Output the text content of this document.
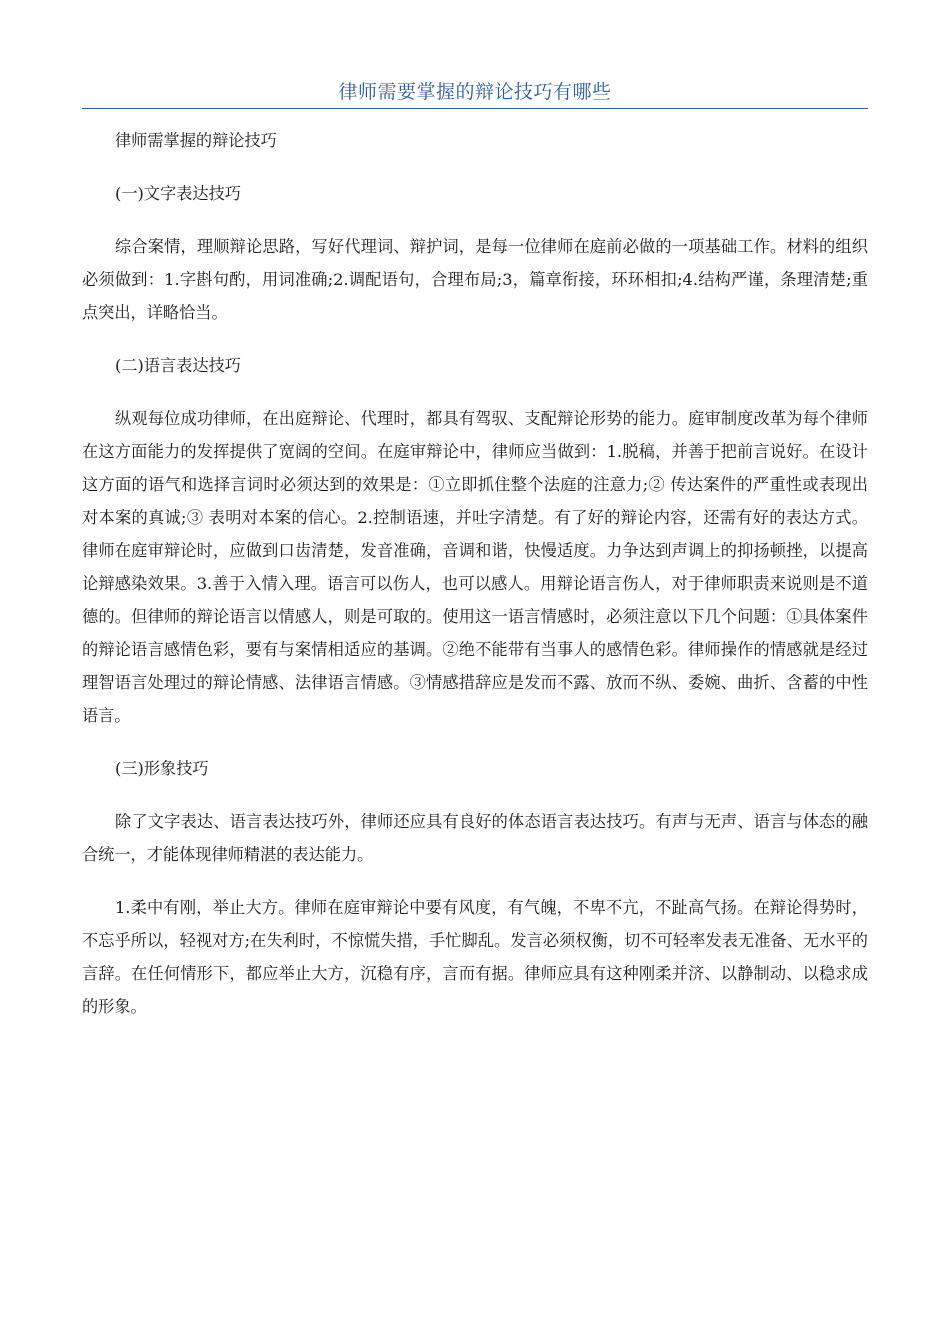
律师需要掌握的辩论技巧有哪些

律师需掌握的辩论技巧

(一)文字表达技巧

综合案情，理顺辩论思路，写好代理词、辩护词，是每一位律师在庭前必做的一项基础工作。材料的组织必须做到：1.字斟句酌，用词准确;2.调配语句，合理布局;3，篇章衔接，环环相扣;4.结构严谨，条理清楚;重点突出，详略恰当。

(二)语言表达技巧

纵观每位成功律师，在出庭辩论、代理时，都具有驾驭、支配辩论形势的能力。庭审制度改革为每个律师在这方面能力的发挥提供了宽阔的空间。在庭审辩论中，律师应当做到：1.脱稿，并善于把前言说好。在设计这方面的语气和选择言词时必须达到的效果是：①立即抓住整个法庭的注意力;② 传达案件的严重性或表现出对本案的真诚;③ 表明对本案的信心。2.控制语速，并吐字清楚。有了好的辩论内容，还需有好的表达方式。律师在庭审辩论时，应做到口齿清楚，发音准确，音调和谐，快慢适度。力争达到声调上的抑扬顿挫，以提高论辩感染效果。3.善于入情入理。语言可以伤人，也可以感人。用辩论语言伤人，对于律师职责来说则是不道德的。但律师的辩论语言以情感人，则是可取的。使用这一语言情感时，必须注意以下几个问题：①具体案件的辩论语言感情色彩，要有与案情相适应的基调。②绝不能带有当事人的感情色彩。律师操作的情感就是经过理智语言处理过的辩论情感、法律语言情感。③情感措辞应是发而不露、放而不纵、委婉、曲折、含蓄的中性语言。

(三)形象技巧

除了文字表达、语言表达技巧外，律师还应具有良好的体态语言表达技巧。有声与无声、语言与体态的融合统一，才能体现律师精湛的表达能力。

1.柔中有刚，举止大方。律师在庭审辩论中要有风度，有气魄，不卑不亢，不趾高气扬。在辩论得势时，不忘乎所以，轻视对方;在失利时，不惊慌失措，手忙脚乱。发言必须权衡，切不可轻率发表无准备、无水平的言辞。在任何情形下，都应举止大方，沉稳有序，言而有据。律师应具有这种刚柔并济、以静制动、以稳求成的形象。
